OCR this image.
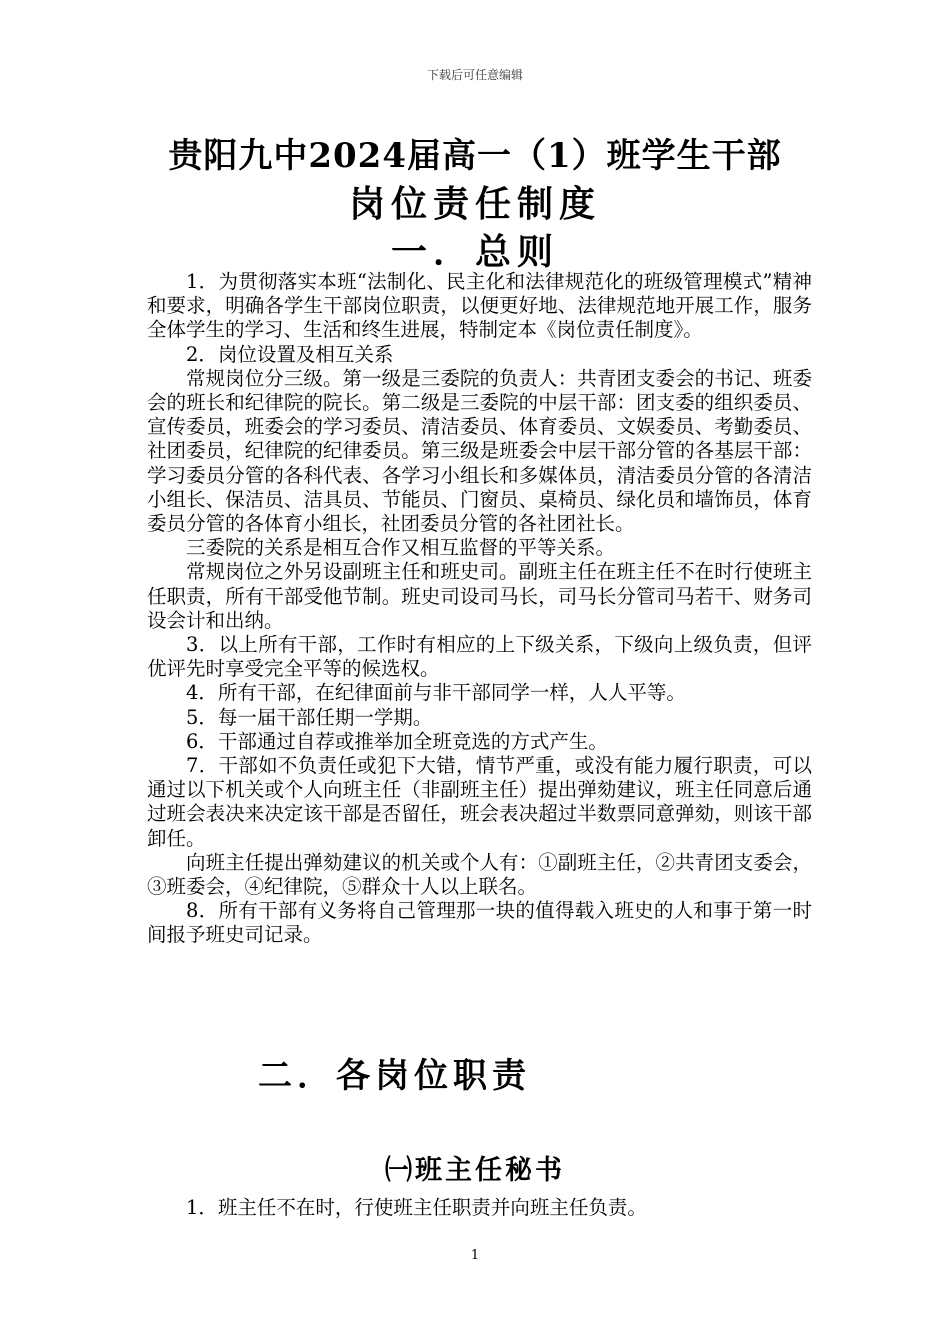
下载后可任意编辑
贵阳九中2024届高一（1）班学生干部
岗位责任制度
一．总则

1．为贯彻落实本班“法制化、民主化和法律规范化的班级管理模式”精神和要求，明确各学生干部岗位职责，以便更好地、法律规范地开展工作，服务全体学生的学习、生活和终生进展，特制定本《岗位责任制度》。

2．岗位设置及相互关系

常规岗位分三级。第一级是三委院的负责人：共青团支委会的书记、班委会的班长和纪律院的院长。第二级是三委院的中层干部：团支委的组织委员、宣传委员，班委会的学习委员、清洁委员、体育委员、文娱委员、考勤委员、社团委员，纪律院的纪律委员。第三级是班委会中层干部分管的各基层干部：学习委员分管的各科代表、各学习小组长和多媒体员，清洁委员分管的各清洁小组长、保洁员、洁具员、节能员、门窗员、桌椅员、绿化员和墙饰员，体育委员分管的各体育小组长，社团委员分管的各社团社长。

三委院的关系是相互合作又相互监督的平等关系。

常规岗位之外另设副班主任和班史司。副班主任在班主任不在时行使班主任职责，所有干部受他节制。班史司设司马长，司马长分管司马若干、财务司设会计和出纳。

3．以上所有干部，工作时有相应的上下级关系，下级向上级负责，但评优评先时享受完全平等的候选权。

4．所有干部，在纪律面前与非干部同学一样，人人平等。

5．每一届干部任期一学期。

6．干部通过自荐或推举加全班竞选的方式产生。

7．干部如不负责任或犯下大错，情节严重，或没有能力履行职责，可以通过以下机关或个人向班主任（非副班主任）提出弹劾建议，班主任同意后通过班会表决来决定该干部是否留任，班会表决超过半数票同意弹劾，则该干部卸任。

向班主任提出弹劾建议的机关或个人有：①副班主任，②共青团支委会，③班委会，④纪律院，⑤群众十人以上联名。

8．所有干部有义务将自己管理那一块的值得载入班史的人和事于第一时间报予班史司记录。

二．各岗位职责
㈠班主任秘书

1．班主任不在时，行使班主任职责并向班主任负责。

1
